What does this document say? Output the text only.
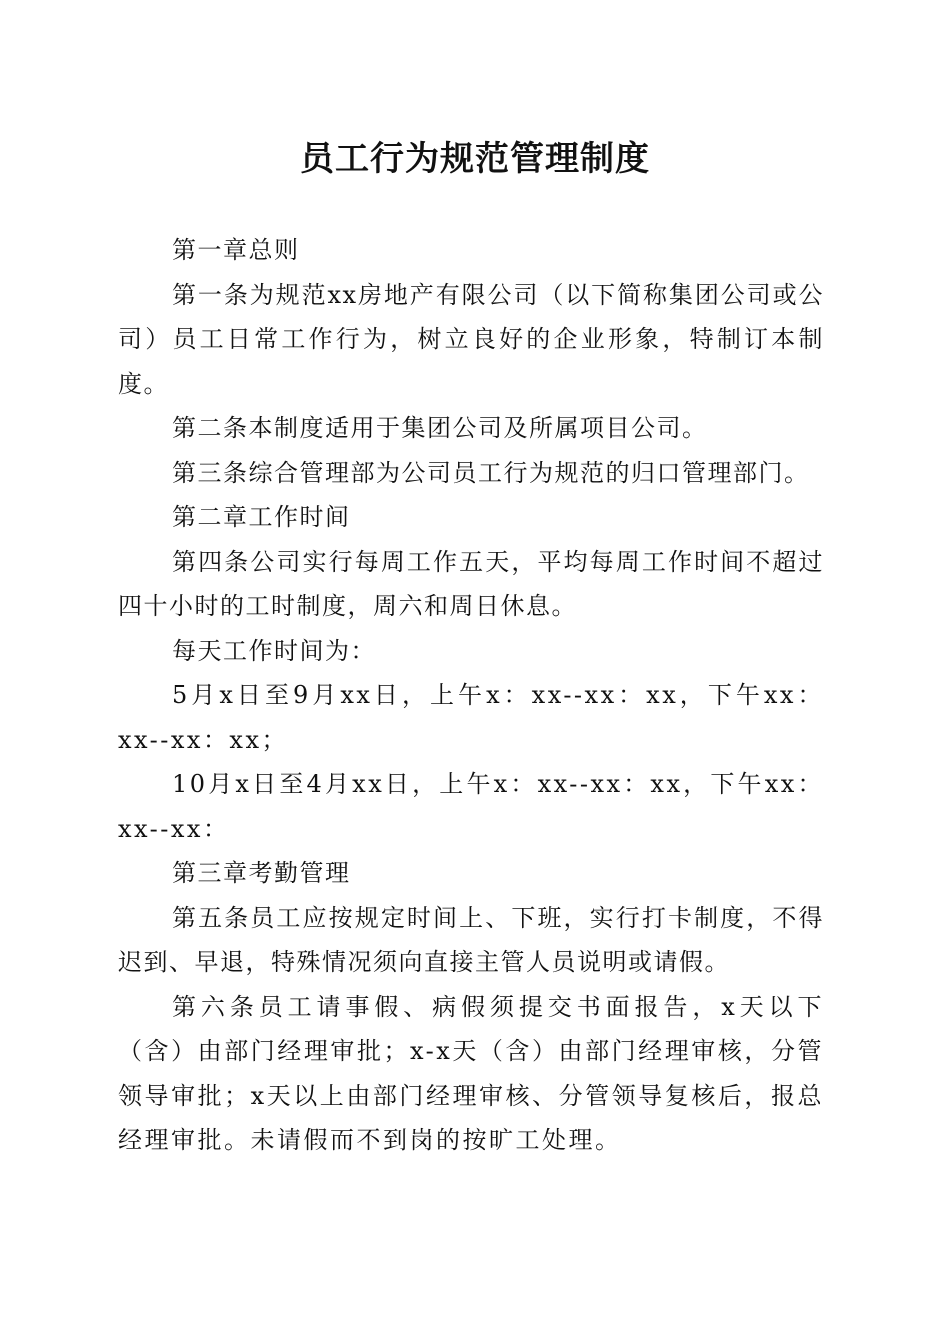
员工行为规范管理制度

第一章总则

第一条为规范xx房地产有限公司（以下简称集团公司或公司）员工日常工作行为，树立良好的企业形象，特制订本制度。

第二条本制度适用于集团公司及所属项目公司。

第三条综合管理部为公司员工行为规范的归口管理部门。

第二章工作时间

第四条公司实行每周工作五天，平均每周工作时间不超过四十小时的工时制度，周六和周日休息。

每天工作时间为：

5月x日至9月xx日，上午x：xx--xx：xx，下午xx：xx--xx：xx；

10月x日至4月xx日，上午x：xx--xx：xx，下午xx：xx--xx：

第三章考勤管理

第五条员工应按规定时间上、下班，实行打卡制度，不得迟到、早退，特殊情况须向直接主管人员说明或请假。

第六条员工请事假、病假须提交书面报告，x天以下（含）由部门经理审批；x-x天（含）由部门经理审核，分管领导审批；x天以上由部门经理审核、分管领导复核后，报总经理审批。未请假而不到岗的按旷工处理。
